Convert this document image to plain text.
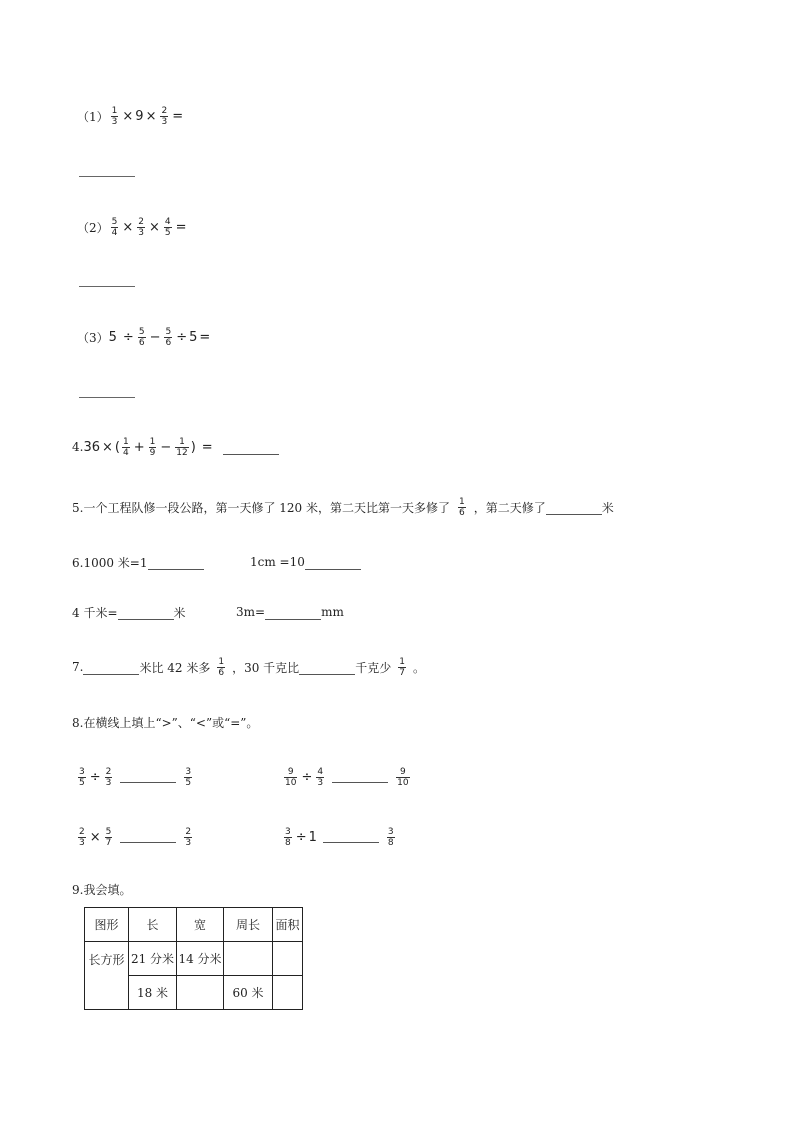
$(1) \frac{1}{3} \times 9 \times \frac{2}{3}$ =
$(2) \frac{5}{4} \times \frac{2}{3} \times \frac{4}{5}$ =
（3） $5 \div \frac{5}{6} - \frac{5}{6} \div 5$ =
4. 36 × ( $\frac{1}{4} + \frac{1}{9} - \frac{1}{12}$ ) =
5.一个工程队修一段公路，第一天修了 120 米，第二天比第一天多修了 $\frac{1}{6}$ ，第二天修了	米
6.1000 米=1	1cm =10
4 千米=	米	3m=	mm
7.	米比 42 米多 $\frac{1}{6}$ ，30 千克比	千克少 $\frac{1}{7}$ 。
8.在横线上填上“>”、“<”或“=”。
$\frac{3}{5} \div \frac{2}{3}$	$\frac{3}{5}$	$\frac{9}{10} \div \frac{4}{3}$	$\frac{9}{10}$
$\frac{2}{3} \times \frac{5}{7}$	$\frac{2}{3}$	$\frac{3}{8} \div 1$	$\frac{3}{8}$
9.我会填。
图形	长	宽	周长	面积
长方形	21 分米	14 分米		
	18 米		60 米	
